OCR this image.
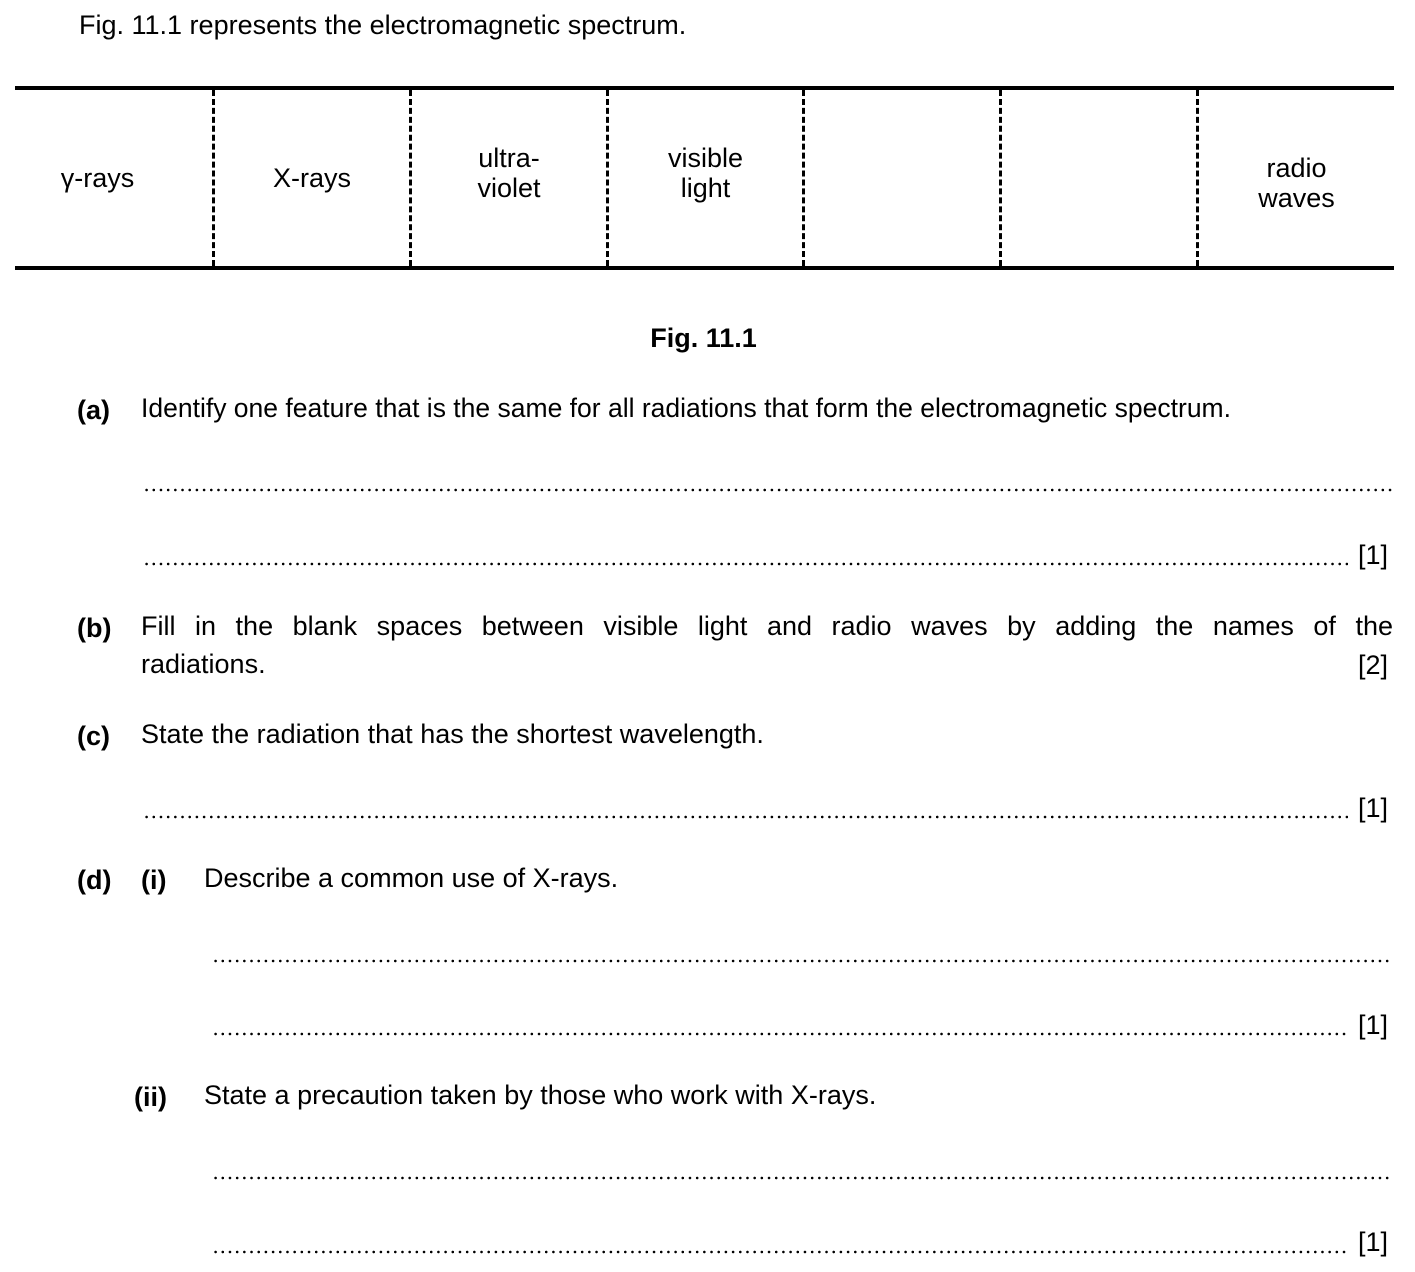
Fig. 11.1 represents the electromagnetic spectrum.
γ-rays	X-rays
ultra-
violet
visible
light
radio
waves
Fig. 11.1
(a) Identify one feature that is the same for all radiations that form the electromagnetic spectrum.
[1]
(b) Fill in the blank spaces between visible light and radio waves by adding the names of the
radiations.	[2]
(c) State the radiation that has the shortest wavelength.
[1]
(d) (i) Describe a common use of X-rays.
[1]
(ii) State a precaution taken by those who work with X-rays.
[1]
